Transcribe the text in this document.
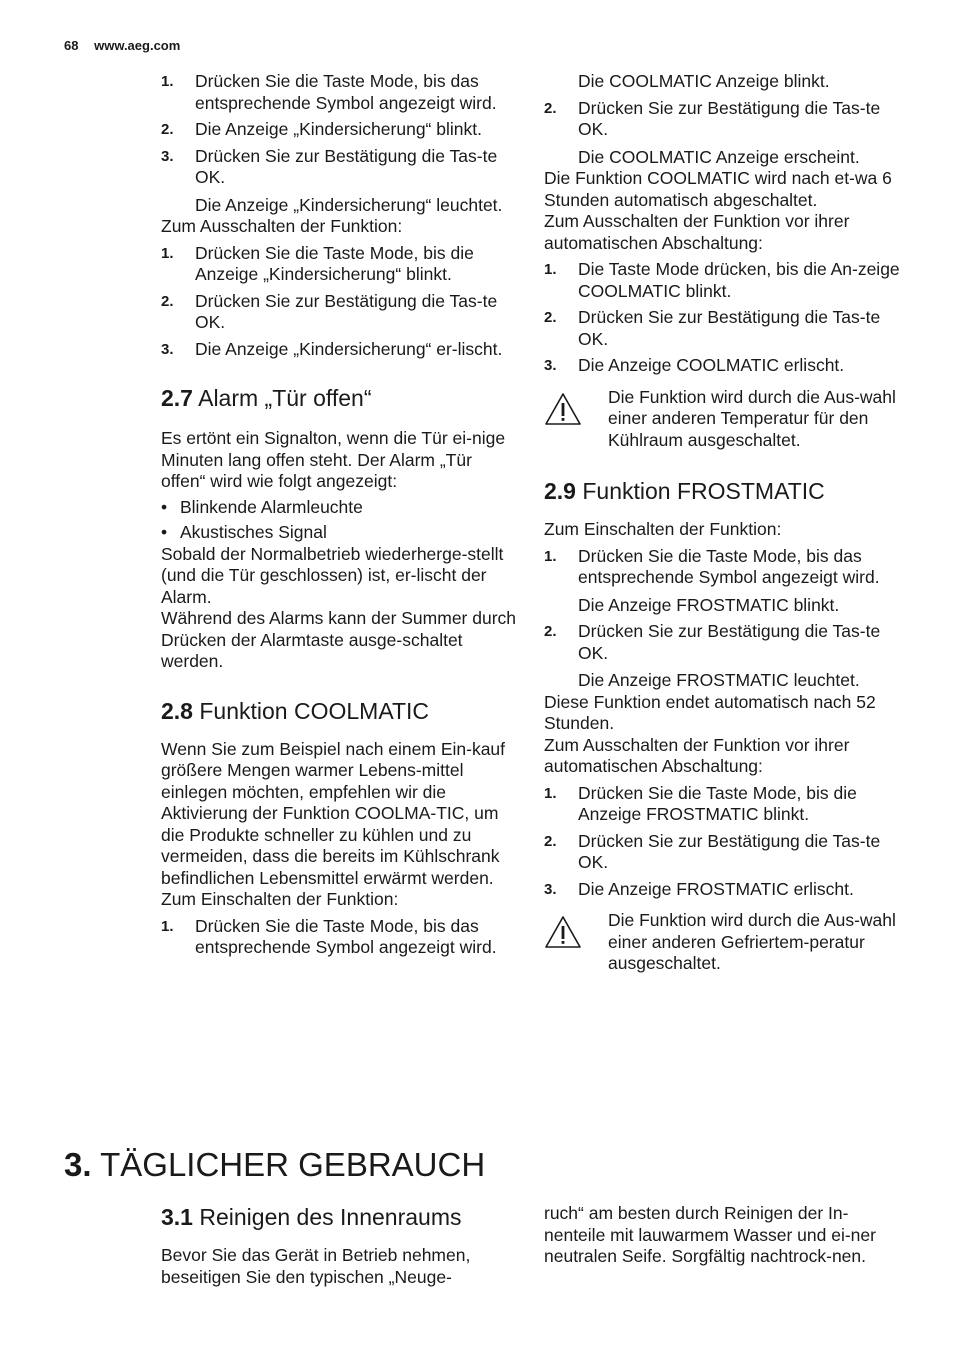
68 www.aeg.com
1. Drücken Sie die Taste Mode, bis das entsprechende Symbol angezeigt wird.
2. Die Anzeige „Kindersicherung“ blinkt.
3. Drücken Sie zur Bestätigung die Tas-te OK.
Die Anzeige „Kindersicherung“ leuchtet.

Zum Ausschalten der Funktion:

1. Drücken Sie die Taste Mode, bis die Anzeige „Kindersicherung“ blinkt.
2. Drücken Sie zur Bestätigung die Tas-te OK.
3. Die Anzeige „Kindersicherung“ er-lischt.
2.7 Alarm „Tür offen“

Es ertönt ein Signalton, wenn die Tür ei-nige Minuten lang offen steht. Der Alarm „Tür offen“ wird wie folgt angezeigt:

• Blinkende Alarmleuchte
• Akustisches Signal

Sobald der Normalbetrieb wiederherge-stellt (und die Tür geschlossen) ist, er-lischt der Alarm.

Während des Alarms kann der Summer durch Drücken der Alarmtaste ausge-schaltet werden.

2.8 Funktion COOLMATIC

Wenn Sie zum Beispiel nach einem Ein-kauf größere Mengen warmer Lebens-mittel einlegen möchten, empfehlen wir die Aktivierung der Funktion COOLMA-TIC, um die Produkte schneller zu kühlen und zu vermeiden, dass die bereits im Kühlschrank befindlichen Lebensmittel erwärmt werden.

Zum Einschalten der Funktion:

1. Drücken Sie die Taste Mode, bis das entsprechende Symbol angezeigt wird.
Die COOLMATIC Anzeige blinkt.
2. Drücken Sie zur Bestätigung die Tas-te OK.
Die COOLMATIC Anzeige erscheint.

Die Funktion COOLMATIC wird nach et-wa 6 Stunden automatisch abgeschaltet.

Zum Ausschalten der Funktion vor ihrer automatischen Abschaltung:

1. Die Taste Mode drücken, bis die An-zeige COOLMATIC blinkt.
2. Drücken Sie zur Bestätigung die Tas-te OK.
3. Die Anzeige COOLMATIC erlischt.
Die Funktion wird durch die Aus-wahl einer anderen Temperatur für den Kühlraum ausgeschaltet.
2.9 Funktion FROSTMATIC

Zum Einschalten der Funktion:

1. Drücken Sie die Taste Mode, bis das entsprechende Symbol angezeigt wird.
Die Anzeige FROSTMATIC blinkt.
2. Drücken Sie zur Bestätigung die Tas-te OK.
Die Anzeige FROSTMATIC leuchtet.

Diese Funktion endet automatisch nach 52 Stunden.

Zum Ausschalten der Funktion vor ihrer automatischen Abschaltung:

1. Drücken Sie die Taste Mode, bis die Anzeige FROSTMATIC blinkt.
2. Drücken Sie zur Bestätigung die Tas-te OK.
3. Die Anzeige FROSTMATIC erlischt.
Die Funktion wird durch die Aus-wahl einer anderen Gefriertem-peratur ausgeschaltet.
3. TÄGLICHER GEBRAUCH
3.1 Reinigen des Innenraums

Bevor Sie das Gerät in Betrieb nehmen, beseitigen Sie den typischen „Neuge-

ruch“ am besten durch Reinigen der In-nenteile mit lauwarmem Wasser und ei-ner neutralen Seife. Sorgfältig nachtrock-nen.
